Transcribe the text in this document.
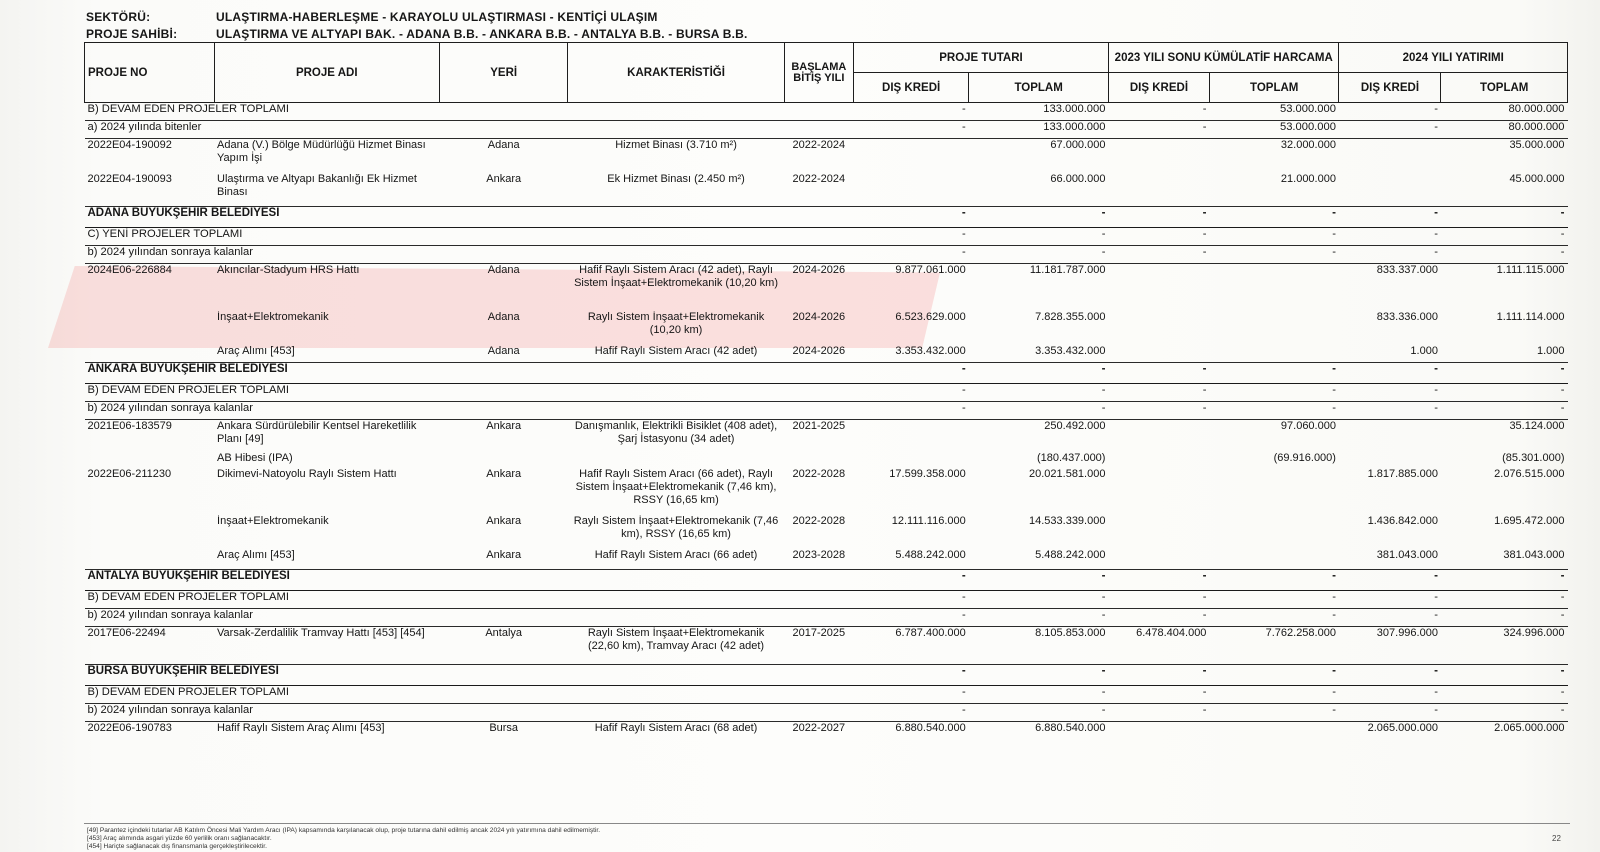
SEKTÖRÜ:	ULAŞTIRMA-HABERLEŞME - KARAYOLU ULAŞTIRMASI - KENTİÇİ ULAŞIM
PROJE SAHİBİ:	ULAŞTIRMA VE ALTYAPI BAK. - ADANA B.B. - ANKARA B.B. - ANTALYA B.B. - BURSA B.B.
PROJE NO	PROJE ADI	YERİ	KARAKTERİSTİĞİ	BAŞLAMA BİTİŞ YILI	PROJE TUTARI		2023 YILI SONU KÜMÜLATİF HARCAMA		2024 YILI YATIRIMI	
					DIŞ KREDİ	TOPLAM	DIŞ KREDİ	TOPLAM	DIŞ KREDİ	TOPLAM
B) DEVAM EDEN PROJELER TOPLAMI					-	133.000.000	-	53.000.000	-	80.000.000
a) 2024 yılında bitenler					-	133.000.000	-	53.000.000	-	80.000.000
2022E04-190092	Adana (V.) Bölge Müdürlüğü Hizmet Binası Yapım İşi	Adana	Hizmet Binası (3.710 m²)	2022-2024		67.000.000		32.000.000		35.000.000
2022E04-190093	Ulaştırma ve Altyapı Bakanlığı Ek Hizmet Binası	Ankara	Ek Hizmet Binası (2.450 m²)	2022-2024		66.000.000		21.000.000		45.000.000
ADANA BÜYÜKŞEHİR BELEDİYESİ					-	-	-	-	-	-
C) YENİ PROJELER TOPLAMI					-	-	-	-	-	-
b) 2024 yılından sonraya kalanlar					-	-	-	-	-	-
2024E06-226884	Akıncılar-Stadyum HRS Hattı	Adana	Hafif Raylı Sistem Aracı (42 adet), Raylı Sistem İnşaat+Elektromekanik (10,20 km)	2024-2026	9.877.061.000	11.181.787.000			833.337.000	1.111.115.000
	İnşaat+Elektromekanik	Adana	Raylı Sistem İnşaat+Elektromekanik (10,20 km)	2024-2026	6.523.629.000	7.828.355.000			833.336.000	1.111.114.000
	Araç Alımı [453]	Adana	Hafif Raylı Sistem Aracı (42 adet)	2024-2026	3.353.432.000	3.353.432.000			1.000	1.000
ANKARA BÜYÜKŞEHİR BELEDİYESİ					-	-	-	-	-	-
B) DEVAM EDEN PROJELER TOPLAMI					-	-	-	-	-	-
b) 2024 yılından sonraya kalanlar					-	-	-	-	-	-
2021E06-183579	Ankara Sürdürülebilir Kentsel Hareketlilik Planı [49]	Ankara	Danışmanlık, Elektrikli Bisiklet (408 adet), Şarj İstasyonu (34 adet)	2021-2025		250.492.000		97.060.000		35.124.000
	AB Hibesi (IPA)					(180.437.000)		(69.916.000)		(85.301.000)
2022E06-211230	Dikimevi-Natoyolu Raylı Sistem Hattı	Ankara	Hafif Raylı Sistem Aracı (66 adet), Raylı Sistem İnşaat+Elektromekanik (7,46 km), RSSY (16,65 km)	2022-2028	17.599.358.000	20.021.581.000			1.817.885.000	2.076.515.000
	İnşaat+Elektromekanik	Ankara	Raylı Sistem İnşaat+Elektromekanik (7,46 km), RSSY (16,65 km)	2022-2028	12.111.116.000	14.533.339.000			1.436.842.000	1.695.472.000
	Araç Alımı [453]	Ankara	Hafif Raylı Sistem Aracı (66 adet)	2023-2028	5.488.242.000	5.488.242.000			381.043.000	381.043.000
ANTALYA BÜYÜKŞEHİR BELEDİYESİ					-	-	-	-	-	-
B) DEVAM EDEN PROJELER TOPLAMI					-	-	-	-	-	-
b) 2024 yılından sonraya kalanlar					-	-	-	-	-	-
2017E06-22494	Varsak-Zerdalilik Tramvay Hattı [453] [454]	Antalya	Raylı Sistem İnşaat+Elektromekanik (22,60 km), Tramvay Aracı (42 adet)	2017-2025	6.787.400.000	8.105.853.000	6.478.404.000	7.762.258.000	307.996.000	324.996.000
BURSA BÜYÜKŞEHİR BELEDİYESİ					-	-	-	-	-	-
B) DEVAM EDEN PROJELER TOPLAMI					-	-	-	-	-	-
b) 2024 yılından sonraya kalanlar					-	-	-	-	-	-
2022E06-190783	Hafif Raylı Sistem Araç Alımı [453]	Bursa	Hafif Raylı Sistem Aracı (68 adet)	2022-2027	6.880.540.000	6.880.540.000			2.065.000.000	2.065.000.000
[49] Parantez içindeki tutarlar AB Katılım Öncesi Mali Yardım Aracı (IPA) kapsamında karşılanacak olup, proje tutarına dahil edilmiş ancak 2024 yılı yatırımına dahil edilmemiştir.
[453] Araç alımında asgari yüzde 60 yerlilik oranı sağlanacaktır.
[454] Hariçte sağlanacak dış finansmanla gerçekleştirilecektir.
22
